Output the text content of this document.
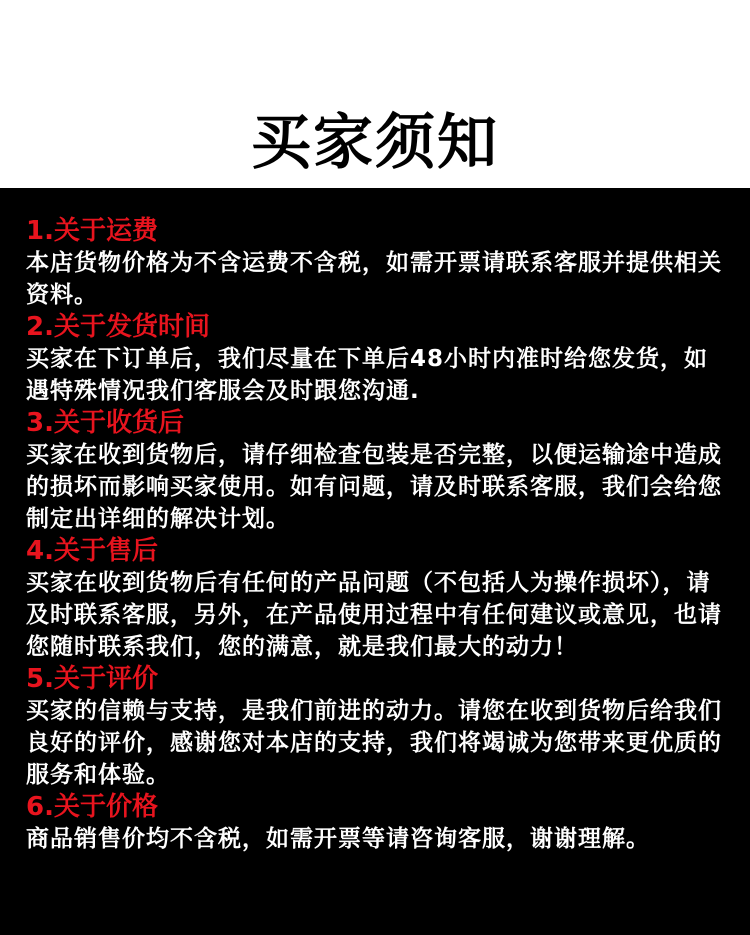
买家须知

1.关于运费

本店货物价格为不含运费不含税，如需开票请联系客服并提供相关资料。

2.关于发货时间

买家在下订单后，我们尽量在下单后48小时内准时给您发货，如遇特殊情况我们客服会及时跟您沟通.

3.关于收货后

买家在收到货物后，请仔细检查包装是否完整，以便运输途中造成的损坏而影响买家使用。如有问题，请及时联系客服，我们会给您制定出详细的解决计划。

4.关于售后

买家在收到货物后有任何的产品问题（不包括人为操作损坏），请及时联系客服，另外，在产品使用过程中有任何建议或意见，也请您随时联系我们，您的满意，就是我们最大的动力！

5.关于评价

买家的信赖与支持，是我们前进的动力。请您在收到货物后给我们良好的评价，感谢您对本店的支持，我们将竭诚为您带来更优质的服务和体验。

6.关于价格

商品销售价均不含税，如需开票等请咨询客服，谢谢理解。
